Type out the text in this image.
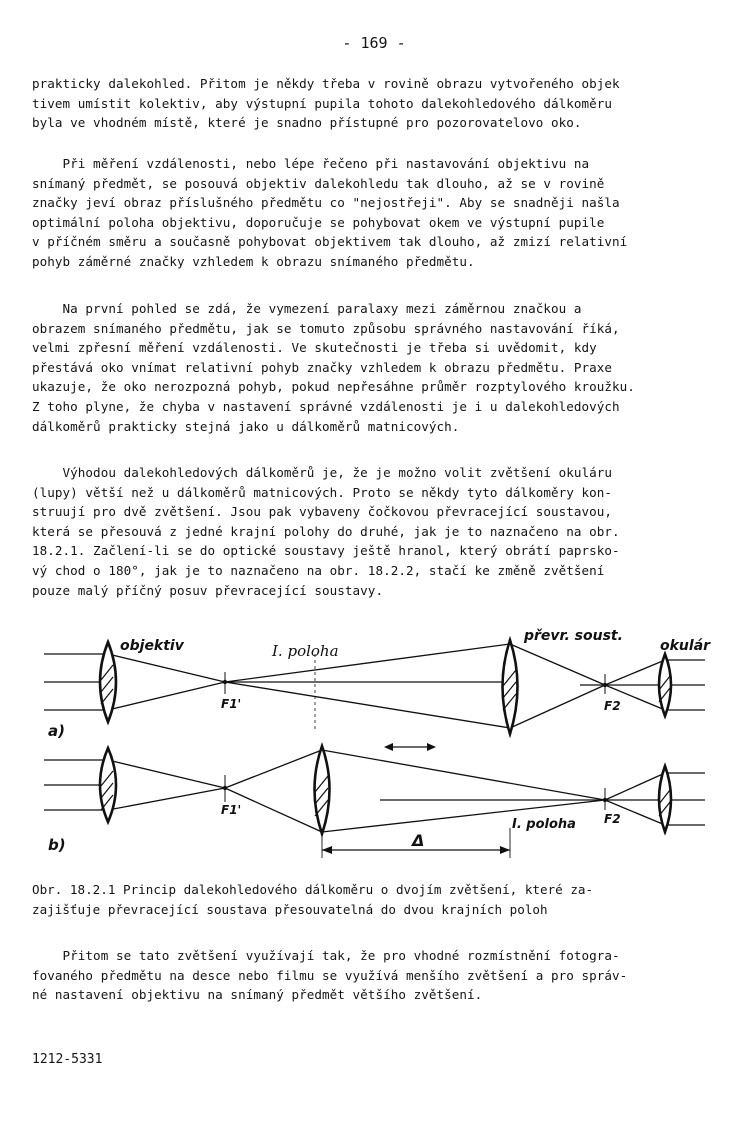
- 169 -

prakticky dalekohled. Přitom je někdy třeba v rovině obrazu vytvořeného objek
tivem umístit kolektiv, aby výstupní pupila tohoto dalekohledového dálkoměru
byla ve vhodném místě, které je snadno přístupné pro pozorovatelovo oko.

Při měření vzdálenosti, nebo lépe řečeno při nastavování objektivu na
snímaný předmět, se posouvá objektiv dalekohledu tak dlouho, až se v rovině
značky jeví obraz příslušného předmětu co "nejostřeji". Aby se snadněji našla
optimální poloha objektivu, doporučuje se pohybovat okem ve výstupní pupile
v příčném směru a současně pohybovat objektivem tak dlouho, až zmizí relativní
pohyb záměrné značky vzhledem k obrazu snímaného předmětu.

Na první pohled se zdá, že vymezení paralaxy mezi záměrnou značkou a
obrazem snímaného předmětu, jak se tomuto způsobu správného nastavování říká,
velmi zpřesní měření vzdálenosti. Ve skutečnosti je třeba si uvědomit, kdy
přestává oko vnímat relativní pohyb značky vzhledem k obrazu předmětu. Praxe
ukazuje, že oko nerozpozná pohyb, pokud nepřesáhne průměr rozptylového kroužku.
Z toho plyne, že chyba v nastavení správné vzdálenosti je i u dalekohledových
dálkoměrů prakticky stejná jako u dálkoměrů matnicových.

Výhodou dalekohledových dálkoměrů je, že je možno volit zvětšení okuláru
(lupy) větší než u dálkoměrů matnicových. Proto se někdy tyto dálkoměry kon-
struují pro dvě zvětšení. Jsou pak vybaveny čočkovou převracející soustavou,
která se přesouvá z jedné krajní polohy do druhé, jak je to naznačeno na obr.
18.2.1. Začlení-li se do optické soustavy ještě hranol, který obrátí paprsko-
vý chod o 180°, jak je to naznačeno na obr. 18.2.2, stačí ke změně zvětšení
pouze malý příčný posuv převracející soustavy.

objektiv	I. poloha
převr. soust.
okulár
F1'	F2
a)
b)
F1'
F2
I. poloha
Δ

Obr. 18.2.1 Princip dalekohledového dálkoměru o dvojím zvětšení, které za-
zajišťuje převracející soustava přesouvatelná do dvou krajních poloh

Přitom se tato zvětšení využívají tak, že pro vhodné rozmístnění fotogra-
fovaného předmětu na desce nebo filmu se využívá menšího zvětšení a pro správ-
né nastavení objektivu na snímaný předmět většího zvětšení.

1212-5331
